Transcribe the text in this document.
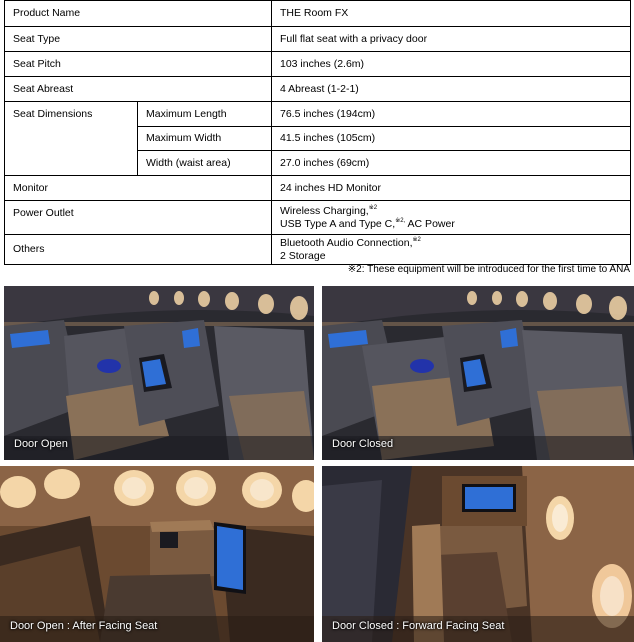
Product Name		THE Room FX
Seat Type		Full flat seat with a privacy door
Seat Pitch		103 inches (2.6m)
Seat Abreast		4 Abreast (1-2-1)
Seat Dimensions	Maximum Length	76.5 inches (194cm)
	Maximum Width	41.5 inches (105cm)
	Width (waist area)	27.0 inches (69cm)
Monitor		24 inches HD Monitor
Power Outlet		Wireless Charging,$^{※2}$
USB Type A and Type C,$^{※2,}$ AC Power
Others		Bluetooth Audio Connection,$^{※2}$
2 Storage
※2: These equipment will be introduced for the first time to ANA
Door Open	Door Closed
Door Open : After Facing Seat	Door Closed : Forward Facing Seat
